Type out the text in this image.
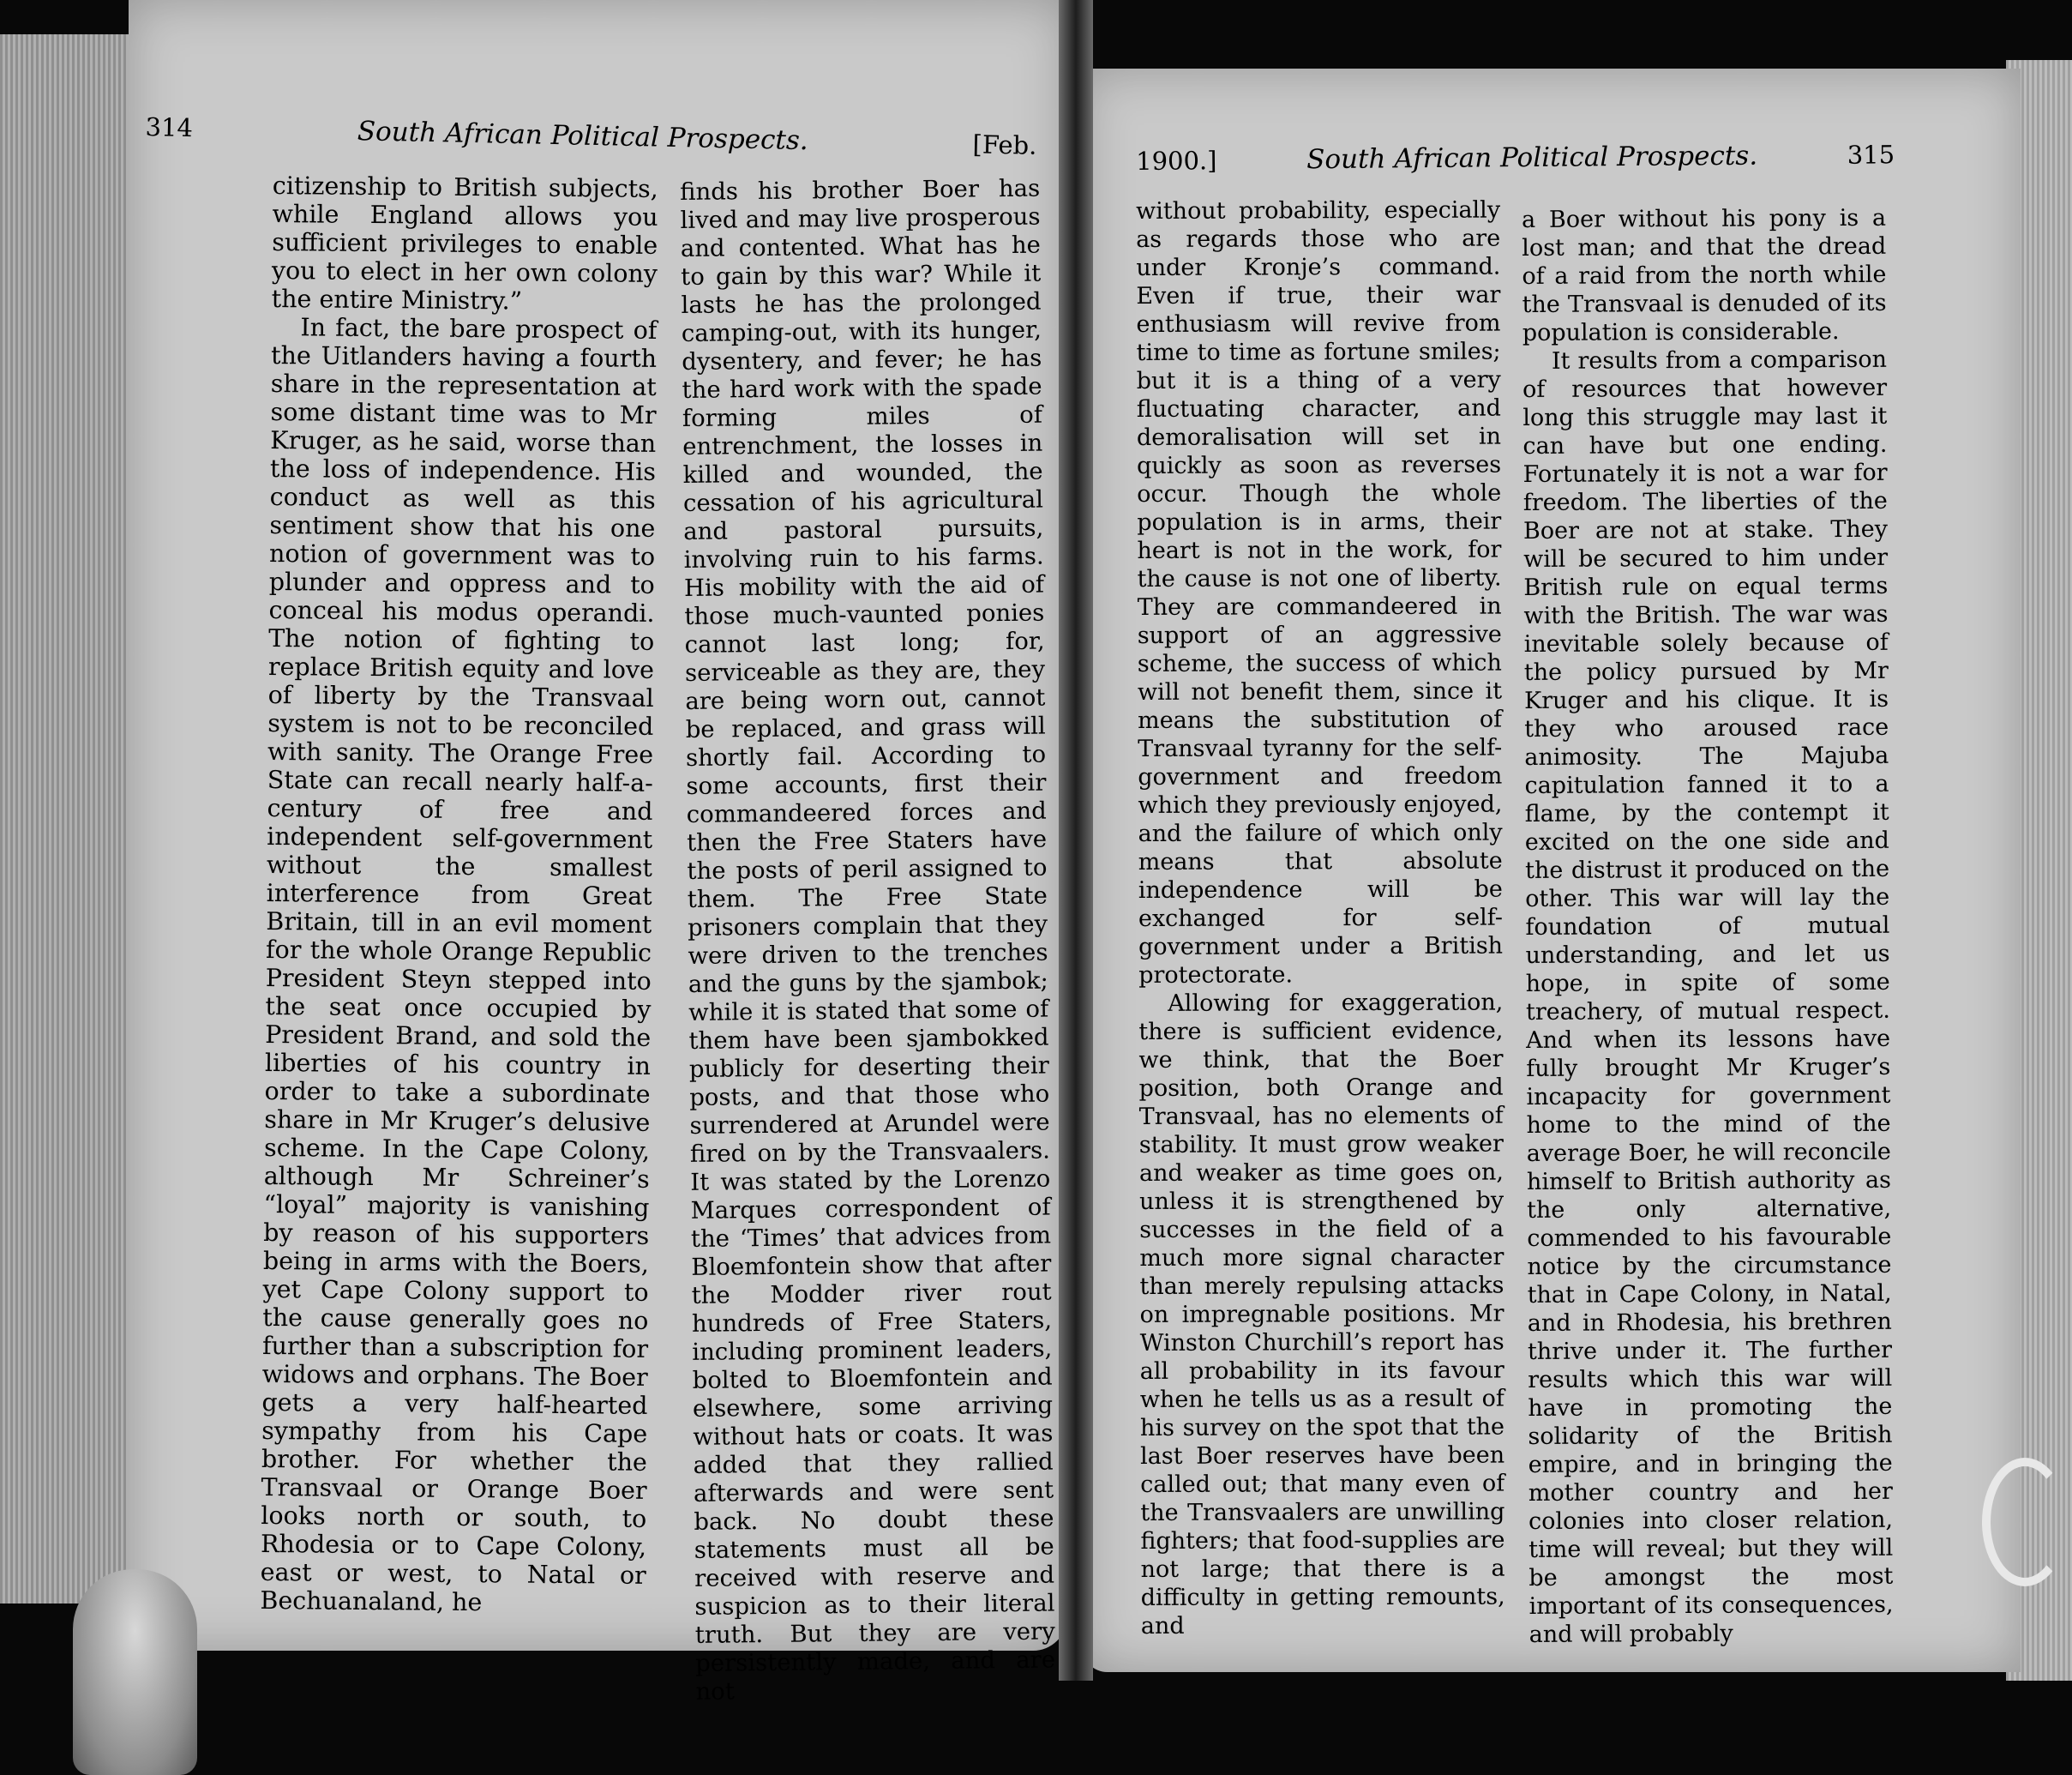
314	South African Political Prospects.	[Feb.
1900.]	South African Political Prospects.	315

citizenship to British subjects, while England allows you sufficient privileges to enable you to elect in her own colony the entire Ministry.”

In fact, the bare prospect of the Uitlanders having a fourth share in the representation at some distant time was to Mr Kruger, as he said, worse than the loss of independence. His conduct as well as this sentiment show that his one notion of government was to plunder and oppress and to conceal his modus operandi. The notion of fighting to replace British equity and love of liberty by the Transvaal system is not to be reconciled with sanity. The Orange Free State can recall nearly half-a-century of free and independent self-government without the smallest interference from Great Britain, till in an evil moment for the whole Orange Republic President Steyn stepped into the seat once occupied by President Brand, and sold the liberties of his country in order to take a subordinate share in Mr Kruger’s delusive scheme. In the Cape Colony, although Mr Schreiner’s “loyal” majority is vanishing by reason of his supporters being in arms with the Boers, yet Cape Colony support to the cause generally goes no further than a subscription for widows and orphans. The Boer gets a very half-hearted sympathy from his Cape brother. For whether the Transvaal or Orange Boer looks north or south, to Rhodesia or to Cape Colony, east or west, to Natal or Bechuanaland, he

finds his brother Boer has lived and may live prosperous and contented. What has he to gain by this war? While it lasts he has the prolonged camping-out, with its hunger, dysentery, and fever; he has the hard work with the spade forming miles of entrenchment, the losses in killed and wounded, the cessation of his agricultural and pastoral pursuits, involving ruin to his farms. His mobility with the aid of those much-vaunted ponies cannot last long; for, serviceable as they are, they are being worn out, cannot be replaced, and grass will shortly fail. According to some accounts, first their commandeered forces and then the Free Staters have the posts of peril assigned to them. The Free State prisoners complain that they were driven to the trenches and the guns by the sjambok; while it is stated that some of them have been sjambokked publicly for deserting their posts, and that those who surrendered at Arundel were fired on by the Transvaalers. It was stated by the Lorenzo Marques correspondent of the ‘Times’ that advices from Bloemfontein show that after the Modder river rout hundreds of Free Staters, including prominent leaders, bolted to Bloemfontein and elsewhere, some arriving without hats or coats. It was added that they rallied afterwards and were sent back. No doubt these statements must all be received with reserve and suspicion as to their literal truth. But they are very persistently made, and are not

without probability, especially as regards those who are under Kronje’s command. Even if true, their war enthusiasm will revive from time to time as fortune smiles; but it is a thing of a very fluctuating character, and demoralisation will set in quickly as soon as reverses occur. Though the whole population is in arms, their heart is not in the work, for the cause is not one of liberty. They are commandeered in support of an aggressive scheme, the success of which will not benefit them, since it means the substitution of Transvaal tyranny for the self-government and freedom which they previously enjoyed, and the failure of which only means that absolute independence will be exchanged for self-government under a British protectorate.

Allowing for exaggeration, there is sufficient evidence, we think, that the Boer position, both Orange and Transvaal, has no elements of stability. It must grow weaker and weaker as time goes on, unless it is strengthened by successes in the field of a much more signal character than merely repulsing attacks on impregnable positions. Mr Winston Churchill’s report has all probability in its favour when he tells us as a result of his survey on the spot that the last Boer reserves have been called out; that many even of the Transvaalers are unwilling fighters; that food-supplies are not large; that there is a difficulty in getting remounts, and

a Boer without his pony is a lost man; and that the dread of a raid from the north while the Transvaal is denuded of its population is considerable.

It results from a comparison of resources that however long this struggle may last it can have but one ending. Fortunately it is not a war for freedom. The liberties of the Boer are not at stake. They will be secured to him under British rule on equal terms with the British. The war was inevitable solely because of the policy pursued by Mr Kruger and his clique. It is they who aroused race animosity. The Majuba capitulation fanned it to a flame, by the contempt it excited on the one side and the distrust it produced on the other. This war will lay the foundation of mutual understanding, and let us hope, in spite of some treachery, of mutual respect. And when its lessons have fully brought Mr Kruger’s incapacity for government home to the mind of the average Boer, he will reconcile himself to British authority as the only alternative, commended to his favourable notice by the circumstance that in Cape Colony, in Natal, and in Rhodesia, his brethren thrive under it. The further results which this war will have in promoting the solidarity of the British empire, and in bringing the mother country and her colonies into closer relation, time will reveal; but they will be amongst the most important of its consequences, and will probably
